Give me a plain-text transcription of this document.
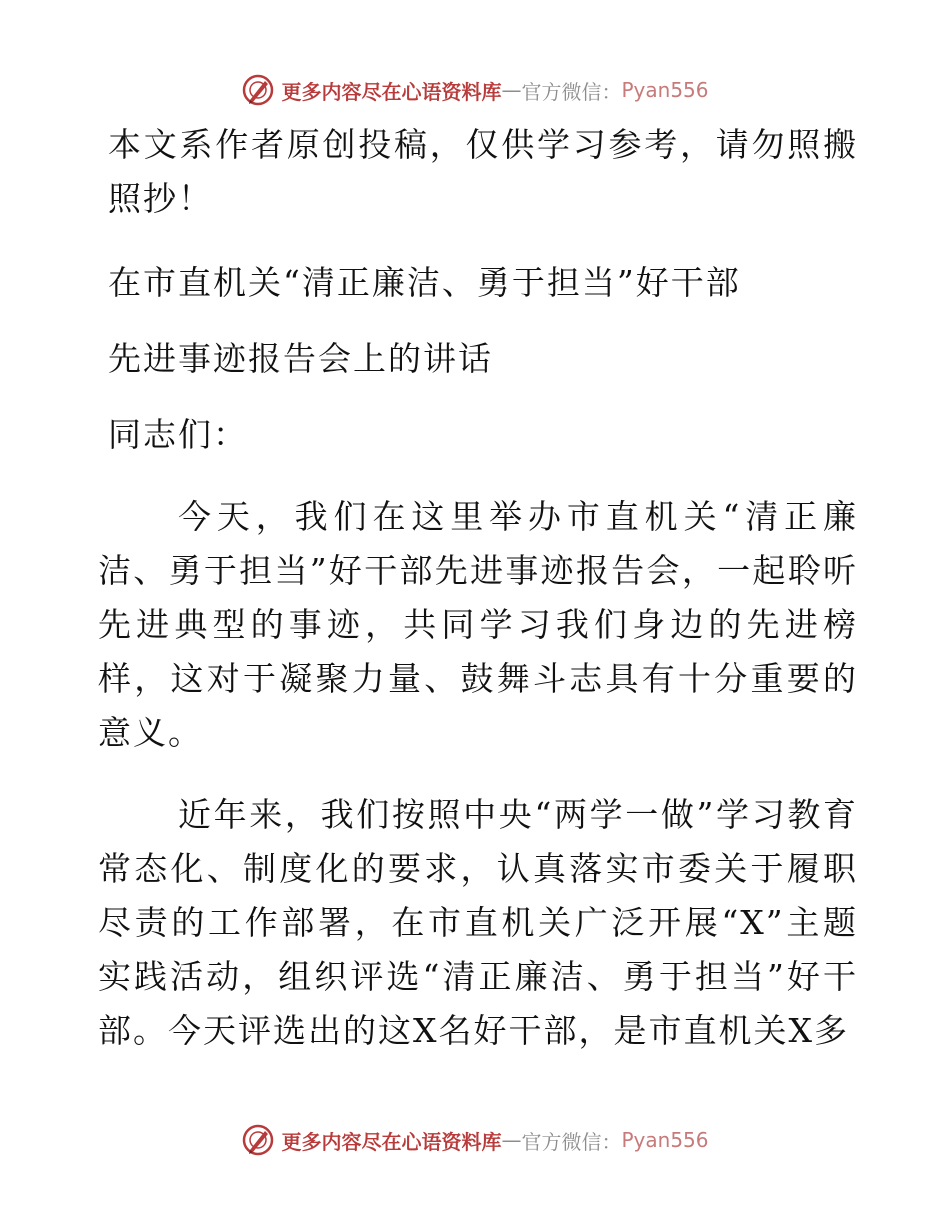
更多内容尽在心语资料库 — 官方微信： Pyan556

本文系作者原创投稿，仅供学习参考，请勿照搬照抄！

在市直机关“清正廉洁、勇于担当”好干部

先进事迹报告会上的讲话

同志们：

今天，我们在这里举办市直机关“清正廉洁、勇于担当”好干部先进事迹报告会，一起聆听先进典型的事迹，共同学习我们身边的先进榜样，这对于凝聚力量、鼓舞斗志具有十分重要的意义。

近年来，我们按照中央“两学一做”学习教育常态化、制度化的要求，认真落实市委关于履职尽责的工作部署，在市直机关广泛开展“X”主题实践活动，组织评选“清正廉洁、勇于担当”好干部。今天评选出的这X名好干部，是市直机关X多

更多内容尽在心语资料库 — 官方微信： Pyan556
